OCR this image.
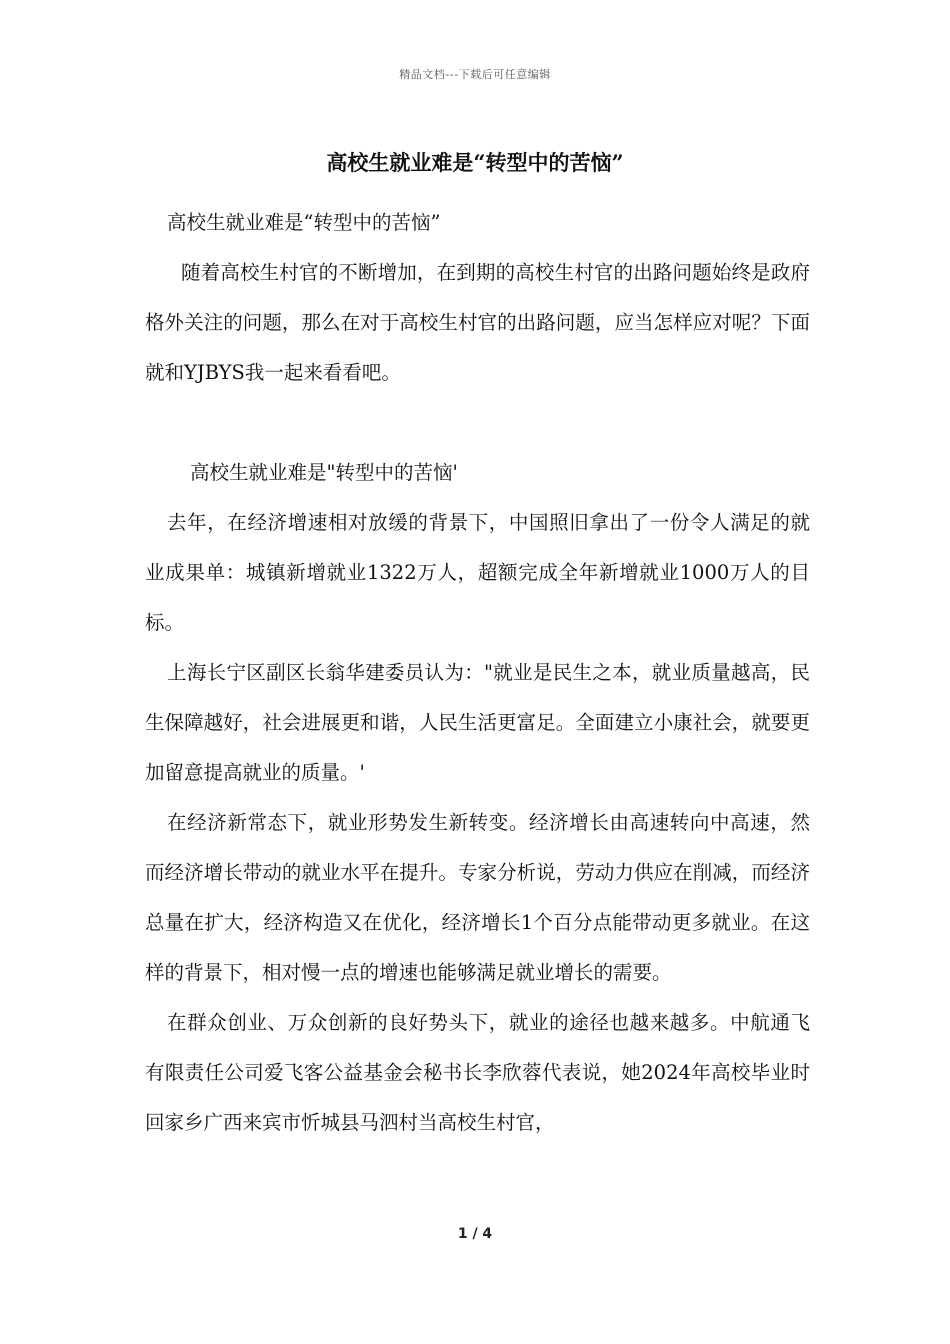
精品文档---下载后可任意编辑
高校生就业难是“转型中的苦恼”

高校生就业难是“转型中的苦恼”

随着高校生村官的不断增加，在到期的高校生村官的出路问题始终是政府格外关注的问题，那么在对于高校生村官的出路问题，应当怎样应对呢？下面就和YJBYS我一起来看看吧。

高校生就业难是"转型中的苦恼'

去年，在经济增速相对放缓的背景下，中国照旧拿出了一份令人满足的就业成果单：城镇新增就业1322万人，超额完成全年新增就业1000万人的目标。

上海长宁区副区长翁华建委员认为："就业是民生之本，就业质量越高，民生保障越好，社会进展更和谐，人民生活更富足。全面建立小康社会，就要更加留意提高就业的质量。'

在经济新常态下，就业形势发生新转变。经济增长由高速转向中高速，然而经济增长带动的就业水平在提升。专家分析说，劳动力供应在削减，而经济总量在扩大，经济构造又在优化，经济增长1个百分点能带动更多就业。在这样的背景下，相对慢一点的增速也能够满足就业增长的需要。

在群众创业、万众创新的良好势头下，就业的途径也越来越多。中航通飞有限责任公司爱飞客公益基金会秘书长李欣蓉代表说，她2024年高校毕业时回家乡广西来宾市忻城县马泗村当高校生村官，

1 / 4
